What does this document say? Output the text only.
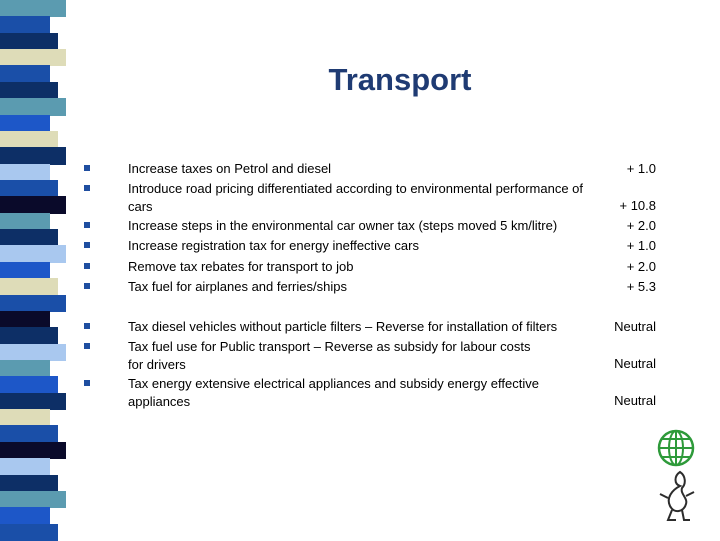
Transport
Increase taxes on Petrol and diesel	+ 1.0
Introduce road pricing differentiated according to environmental performance of cars	+ 10.8
Increase steps in the environmental car owner tax (steps moved 5 km/litre)	+ 2.0
Increase registration tax for energy ineffective cars	+ 1.0
Remove tax rebates for transport to job	+ 2.0
Tax fuel for airplanes and ferries/ships	+ 5.3
Tax diesel vehicles without particle filters – Reverse for installation of filters	Neutral
Tax fuel use for Public transport – Reverse as subsidy for labour costs for drivers	Neutral
Tax energy extensive electrical appliances and subsidy energy effective appliances	Neutral
